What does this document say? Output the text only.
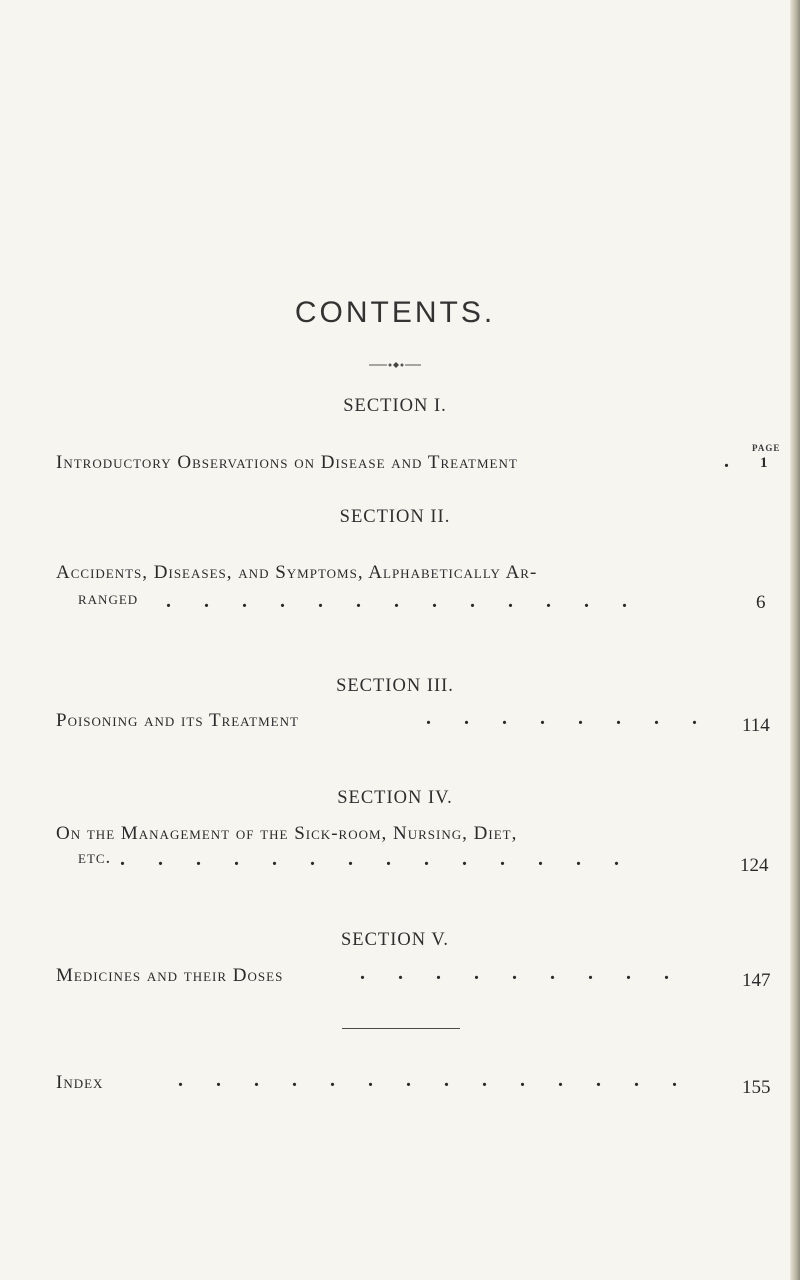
CONTENTS.
SECTION I.
PAGE
Introductory Observations on Disease and Treatment	. 1
SECTION II.
Accidents, Diseases, and Symptoms, Alphabetically Ar-
ranged . . . . . . . . . . . . .	6
SECTION III.
Poisoning and its Treatment	. . . . . . . . 114
SECTION IV.
On the Management of the Sick-room, Nursing, Diet,
etc. . . . . . . . . . . . . . .	124
SECTION V.
Medicines and their Doses	. . . . . . . . .	147
Index	. . . . . . . . . . . . . .	155
